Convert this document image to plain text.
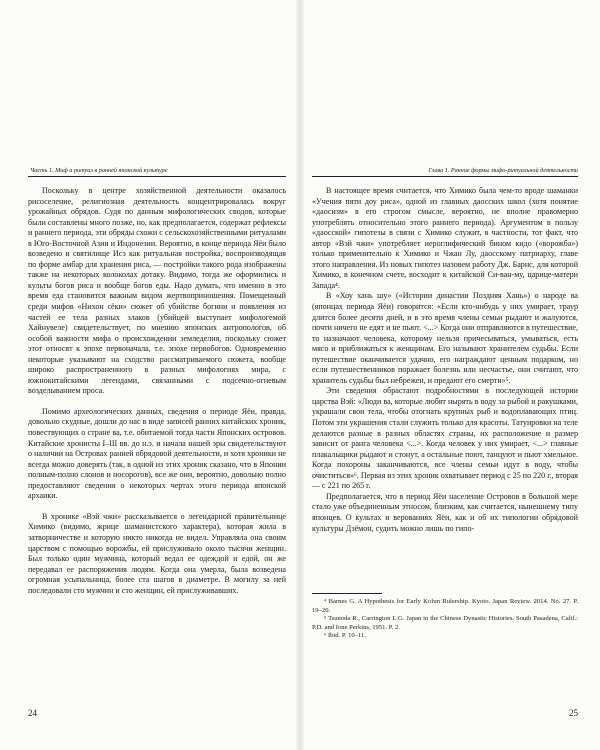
Часть 1. Миф и ритуал в ранней японской культуре

Поскольку в центре хозяйственной деятельности оказалось рисоселение, религиозная деятельность концентрировалась вокруг урожайных обрядов. Судя по данным мифологических сводов, которые были составлены много позже, но, как предполагается, содержат рефлексы и раннего периода, эти обряды схожи с сельскохозяйственными ритуалами в Юго-Восточной Азии и Индонезии. Вероятно, в конце периода Яёи было возведено и святилище Исэ как ритуальная постройка, воспроизводящая по форме амбар для хранения риса, — постройки такого рода изображены также на некоторых колоколах дотаку. Видимо, тогда же оформились и культы богов риса и вообще богов еды. Надо думать, что именно в это время еда становится важным видом жертвоприношения. Помещенный среди мифов «Нихон сёки» сюжет об убийстве богини и появления из частей ее тела разных злаков (убийцей выступает мифологемой Хайнувеле) свидетельствует, по мнению японских антропологов, об особой важности мифа о происхождении земледелия, поскольку сюжет этот относят к эпохе первоначала, т.е. эпохе первобогов. Одновременно некоторые указывают на сходство рассматриваемого сюжета, вообще широко распространенного в разных мифологиях мира, с южнокитайскими легендами, связанными с подсечно-огневым возделыванием проса.

Помимо археологических данных, сведения о периоде Яёи, правда, довольно скудные, дошли до нас в виде записей ранних китайских хроник, повествующих о стране ва, т.е. обитаемой тогда части Японских островов. Китайские хронисты I–III вв. до н.э. и начала нашей эры свидетельствуют о наличии на Островах ранней обрядовой деятельности, и хотя хроники не всегда можно доверять (так, в одной из этих хроник сказано, что в Японии полным-полно слонов и носорогов), все же они, вероятно, довольно полно предоставляют сведения о некоторых чертах этого периода японской архаики.

В хронике «Вэй чжи» рассказывается о легендарной правительнице Химико (видимо, жрице шаманистского характера), которая жила в затворничестве и которую никто никогда не видел. Управляла она своим царством с помощью ворожбы, ей прислуживало около тысячи женщин. Был только один мужчина, который ведал ее одеждой и едой, он же передавал ее распоряжения людям. Когда она умерла, была возведена огромная усыпальница, более ста шагов в диаметре. В могилу за ней последовали сто мужчин и сто женщин, ей прислуживавших.

24
Глава 1. Ранние формы мифо-ритуальной деятельности

В настоящее время считается, что Химико была чем-то вроде шаманки «Учения пяти доу риса», одной из главных даосских школ (хотя понятие «даосизм» в его строгом смысле, вероятно, не вполне правомерно употреблять относительно этого раннего периода). Аргументом в пользу «даосской» гипотезы в связи с Химико служит, в частности, тот факт, что автор «Вэй чжи» употребляет иероглифический бином кидо («ворожба») только применительно к Химико и Чжан Лу, даосскому патриарху, главе этого направления. Из новых гипотез назовем работу Дж. Барнс, для которой Химико, в конечном счете, восходит к китайской Си-ван-му, царице-матери Запада⁴.

В «Хоу хань шу» («Истории династии Поздняя Хань») о народе ва (японцах периода Яёи) говорится: «Если кто-нибудь у них умирает, траур длится более десяти дней, и в это время члены семьи рыдают и жалуются, почти ничего не едят и не пьют. <...> Когда они отправляются в путешествие, то назначают человека, которому нельзя причесываться, умываться, есть мясо и приближаться к женщинам. Его называют хранителем судьбы. Если путешествие оканчивается удачно, его награждают ценным подарком, но если путешественников поражает болезнь или несчастье, они считают, что хранитель судьбы был небрежен, и предают его смерти»⁵.

Эти сведения обрастают подробностями в последующей истории царства Вэй: «Люди ва, которые любят нырять в воду за рыбой и ракушками, украшали свои тела, чтобы отогнать крупных рыб и водоплавающих птиц. Потом эти украшения стали служить только для красоты. Татуировки на теле делаются разные в разных областях страны, их расположение и размер зависит от ранга человека <...>. Когда человек у них умирает, <...> главные плакальщики рыдают и стонут, а остальные поют, танцуют и пьют хмельное. Когда похороны заканчиваются, все члены семьи идут в воду, чтобы очиститься»⁶. Первая из этих хроник охватывает период с 25 по 220 г., вторая — с 221 по 265 г.

Предполагается, что в период Яёи население Островов в большой мере стало уже объединенным этносом, близким, как считается, нынешнему типу японцев. О культах и верованиях Яёи, как и об их типологии обрядовой культуры Дзёмон, судить можно лишь по гипо-

⁴ Barnes G. A Hypothesis for Early Kofun Rulership. Kyoto. Japan Review. 2014. No. 27. P. 19–20.

⁵ Tsunoda R., Carrington L.G. Japan in the Chinese Dynastic Histories. South Pasadena, Calif.: P.D. and Ione Perkins, 1951. P. 2.

⁶ Ibid. P. 10–11.

25
